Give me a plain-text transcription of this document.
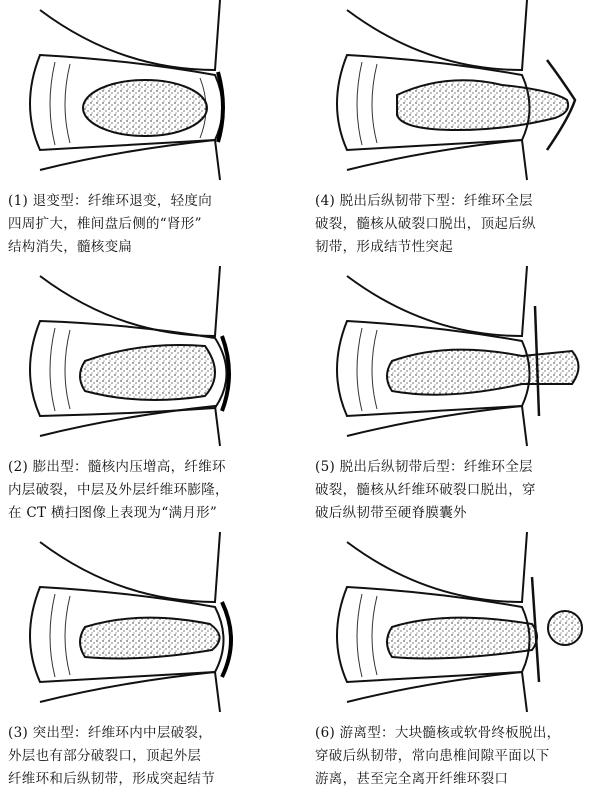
(1) 退变型：纤维环退变，轻度向
四周扩大，椎间盘后侧的“肾形”
结构消失，髓核变扁

(4) 脱出后纵韧带下型：纤维环全层
破裂，髓核从破裂口脱出，顶起后纵
韧带，形成结节性突起

(2) 膨出型：髓核内压增高，纤维环
内层破裂，中层及外层纤维环膨隆，
在 CT 横扫图像上表现为“满月形”

(5) 脱出后纵韧带后型：纤维环全层
破裂，髓核从纤维环破裂口脱出，穿
破后纵韧带至硬脊膜囊外

(3) 突出型：纤维环内中层破裂，
外层也有部分破裂口，顶起外层
纤维环和后纵韧带，形成突起结节

(6) 游离型：大块髓核或软骨终板脱出，
穿破后纵韧带，常向患椎间隙平面以下
游离，甚至完全离开纤维环裂口
